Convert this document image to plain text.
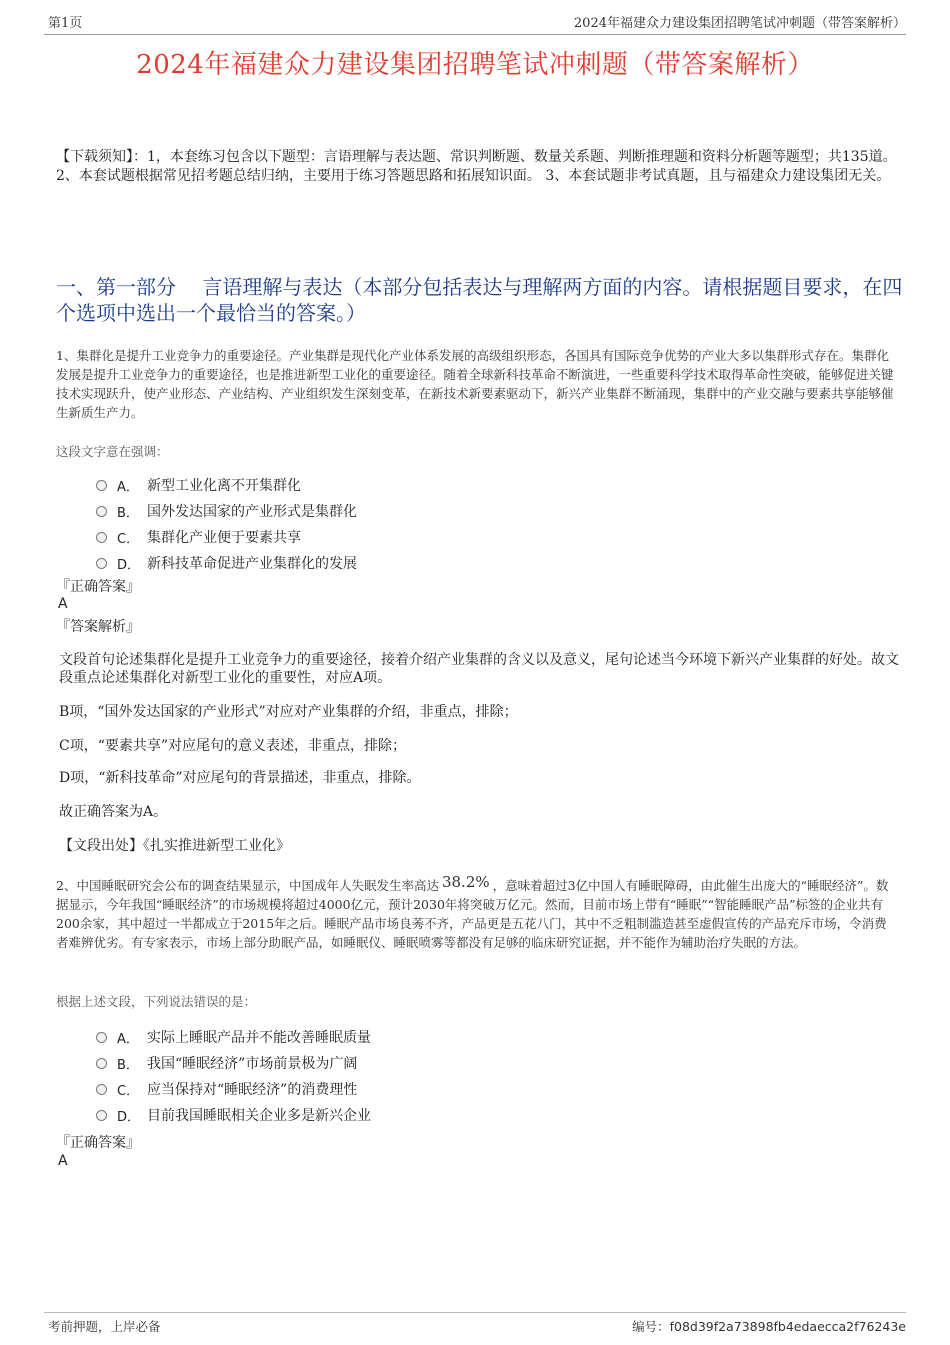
第1页	2024年福建众力建设集团招聘笔试冲刺题（带答案解析）
2024年福建众力建设集团招聘笔试冲刺题（带答案解析）
【下载须知】：1，本套练习包含以下题型：言语理解与表达题、常识判断题、数量关系题、判断推理题和资料分析题等题型；共135道。 2、本套试题根据常见招考题总结归纳，主要用于练习答题思路和拓展知识面。 3、本套试题非考试真题，且与福建众力建设集团无关。
一、第一部分　 言语理解与表达（本部分包括表达与理解两方面的内容。请根据题目要求，在四个选项中选出一个最恰当的答案。）
1、集群化是提升工业竞争力的重要途径。产业集群是现代化产业体系发展的高级组织形态，各国具有国际竞争优势的产业大多以集群形式存在。集群化发展是提升工业竞争力的重要途径，也是推进新型工业化的重要途径。随着全球新科技革命不断演进，一些重要科学技术取得革命性突破，能够促进关键技术实现跃升，使产业形态、产业结构、产业组织发生深刻变革，在新技术新要素驱动下，新兴产业集群不断涌现，集群中的产业交融与要素共享能够催生新质生产力。
这段文字意在强调：
A． 新型工业化离不开集群化
B． 国外发达国家的产业形式是集群化
C． 集群化产业便于要素共享
D． 新科技革命促进产业集群化的发展
『正确答案』
A
『答案解析』
文段首句论述集群化是提升工业竞争力的重要途径，接着介绍产业集群的含义以及意义，尾句论述当今环境下新兴产业集群的好处。故文段重点论述集群化对新型工业化的重要性，对应A项。
B项，“国外发达国家的产业形式”对应对产业集群的介绍，非重点，排除；
C项，“要素共享”对应尾句的意义表述，非重点，排除；
D项，“新科技革命”对应尾句的背景描述，非重点，排除。
故正确答案为A。
【文段出处】《扎实推进新型工业化》
2、中国睡眠研究会公布的调查结果显示，中国成年人失眠发生率高达 38.2% ，意味着超过3亿中国人有睡眠障碍，由此催生出庞大的“睡眠经济”。数据显示，今年我国“睡眠经济”的市场规模将超过4000亿元，预计2030年将突破万亿元。然而，目前市场上带有“睡眠”“智能睡眠产品”标签的企业共有200余家，其中超过一半都成立于2015年之后。睡眠产品市场良莠不齐，产品更是五花八门，其中不乏粗制滥造甚至虚假宣传的产品充斥市场，令消费者难辨优劣。有专家表示，市场上部分助眠产品，如睡眠仪、睡眠喷雾等都没有足够的临床研究证据，并不能作为辅助治疗失眠的方法。
根据上述文段，下列说法错误的是：
A． 实际上睡眠产品并不能改善睡眠质量
B． 我国“睡眠经济”市场前景极为广阔
C． 应当保持对“睡眠经济”的消费理性
D． 目前我国睡眠相关企业多是新兴企业
『正确答案』
A
考前押题，上岸必备	编号：f08d39f2a73898fb4edaecca2f76243e
